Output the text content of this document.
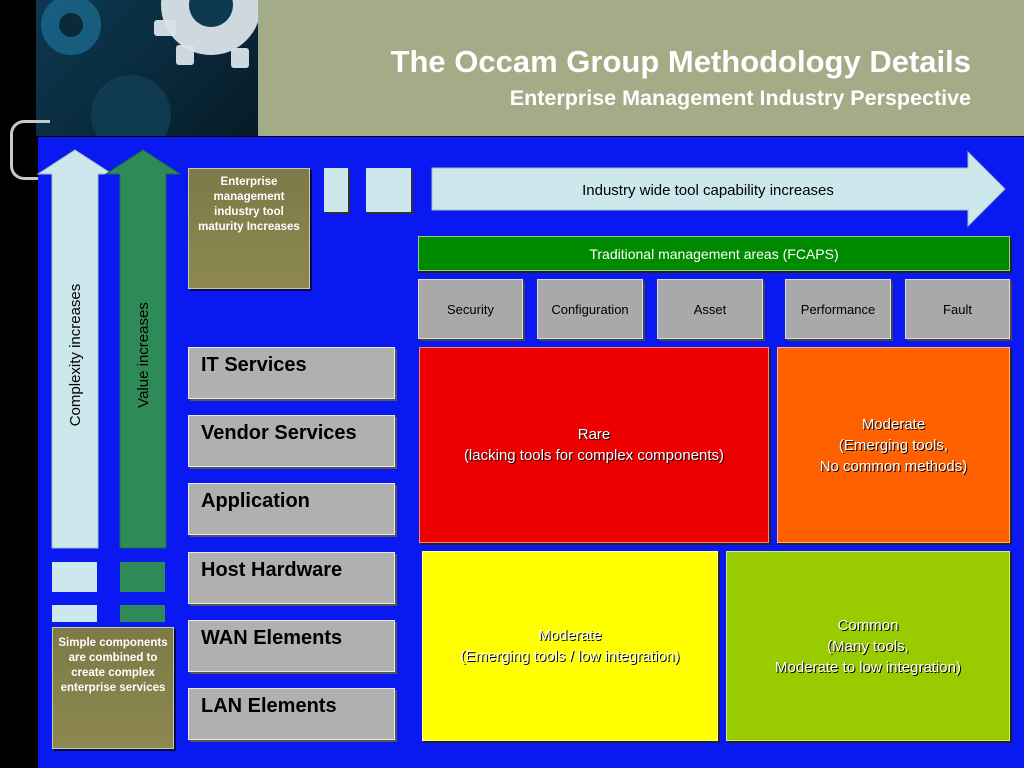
The Occam Group Methodology Details
Enterprise Management Industry Perspective
Complexity increases	Value increases
Enterprise management industry tool maturity Increases
Simple components are combined to create complex enterprise services
Industry wide tool capability increases
Traditional management areas (FCAPS)
Security	Configuration	Asset	Performance	Fault
IT Services
Vendor Services
Application
Host Hardware
WAN Elements
LAN Elements
Rare
(lacking tools for complex components)
Moderate
(Emerging tools,
No common methods)
Moderate
(Emerging tools / low integration)
Common
(Many tools,
Moderate to low integration)
